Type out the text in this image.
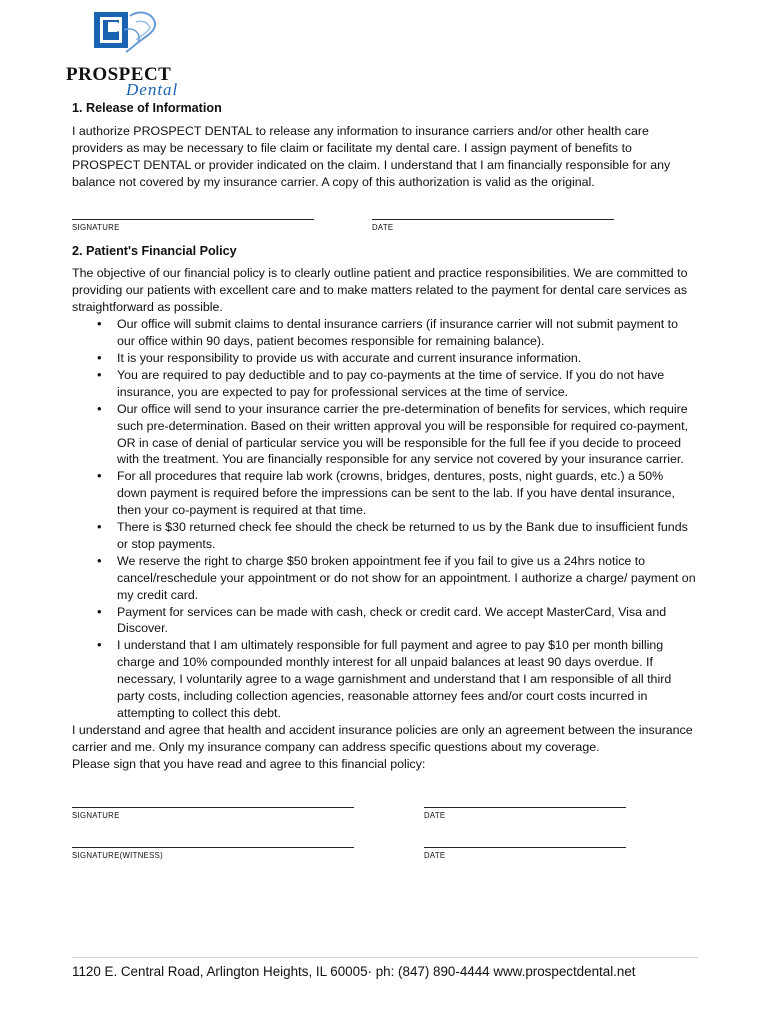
PROSPECT
Dental

1. Release of Information

I authorize PROSPECT DENTAL to release any information to insurance carriers and/or other health care providers as may be necessary to file claim or facilitate my dental care. I assign payment of benefits to PROSPECT DENTAL or provider indicated on the claim. I understand that I am financially responsible for any balance not covered by my insurance carrier. A copy of this authorization is valid as the original.

SIGNATURE	DATE

2. Patient's Financial Policy

The objective of our financial policy is to clearly outline patient and practice responsibilities. We are committed to providing our patients with excellent care and to make matters related to the payment for dental care services as straightforward as possible.

• Our office will submit claims to dental insurance carriers (if insurance carrier will not submit payment to our office within 90 days, patient becomes responsible for remaining balance).
• It is your responsibility to provide us with accurate and current insurance information.
• You are required to pay deductible and to pay co-payments at the time of service. If you do not have insurance, you are expected to pay for professional services at the time of service.
• Our office will send to your insurance carrier the pre-determination of benefits for services, which require such pre-determination. Based on their written approval you will be responsible for required co-payment, OR in case of denial of particular service you will be responsible for the full fee if you decide to proceed with the treatment. You are financially responsible for any service not covered by your insurance carrier.
• For all procedures that require lab work (crowns, bridges, dentures, posts, night guards, etc.) a 50% down payment is required before the impressions can be sent to the lab. If you have dental insurance, then your co-payment is required at that time.
• There is $30 returned check fee should the check be returned to us by the Bank due to insufficient funds or stop payments.
• We reserve the right to charge $50 broken appointment fee if you fail to give us a 24hrs notice to cancel/reschedule your appointment or do not show for an appointment. I authorize a charge/ payment on my credit card.
• Payment for services can be made with cash, check or credit card. We accept MasterCard, Visa and Discover.
• I understand that I am ultimately responsible for full payment and agree to pay $10 per month billing charge and 10% compounded monthly interest for all unpaid balances at least 90 days overdue. If necessary, I voluntarily agree to a wage garnishment and understand that I am responsible of all third party costs, including collection agencies, reasonable attorney fees and/or court costs incurred in attempting to collect this debt.

I understand and agree that health and accident insurance policies are only an agreement between the insurance carrier and me. Only my insurance company can address specific questions about my coverage.

Please sign that you have read and agree to this financial policy:

SIGNATURE	DATE
SIGNATURE(WITNESS)	DATE
1120 E. Central Road, Arlington Heights, IL 60005· ph: (847) 890-4444 www.prospectdental.net
